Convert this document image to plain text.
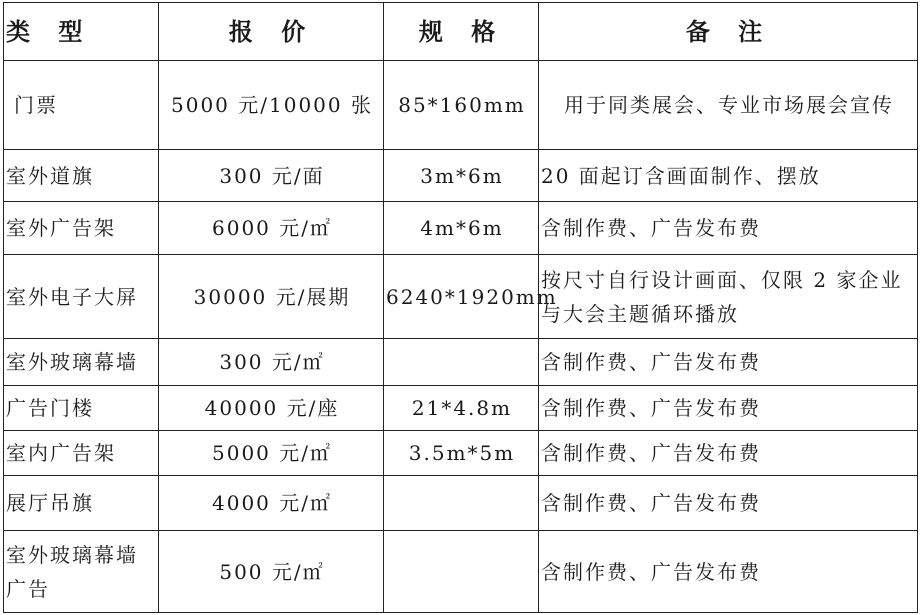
类 型	报 价	规 格	备 注
门票	5000 元/10000 张	85*160mm	用于同类展会、专业市场展会宣传
室外道旗	300 元/面	3m*6m	20 面起订含画面制作、摆放
室外广告架	6000 元/㎡	4m*6m	含制作费、广告发布费
室外电子大屏	30000 元/展期	6240*1920mm	按尺寸自行设计画面、仅限 2 家企业与大会主题循环播放
室外玻璃幕墙	300 元/㎡		含制作费、广告发布费
广告门楼	40000 元/座	21*4.8m	含制作费、广告发布费
室内广告架	5000 元/㎡	3.5m*5m	含制作费、广告发布费
展厅吊旗	4000 元/㎡		含制作费、广告发布费
室外玻璃幕墙广告	500 元/㎡		含制作费、广告发布费
